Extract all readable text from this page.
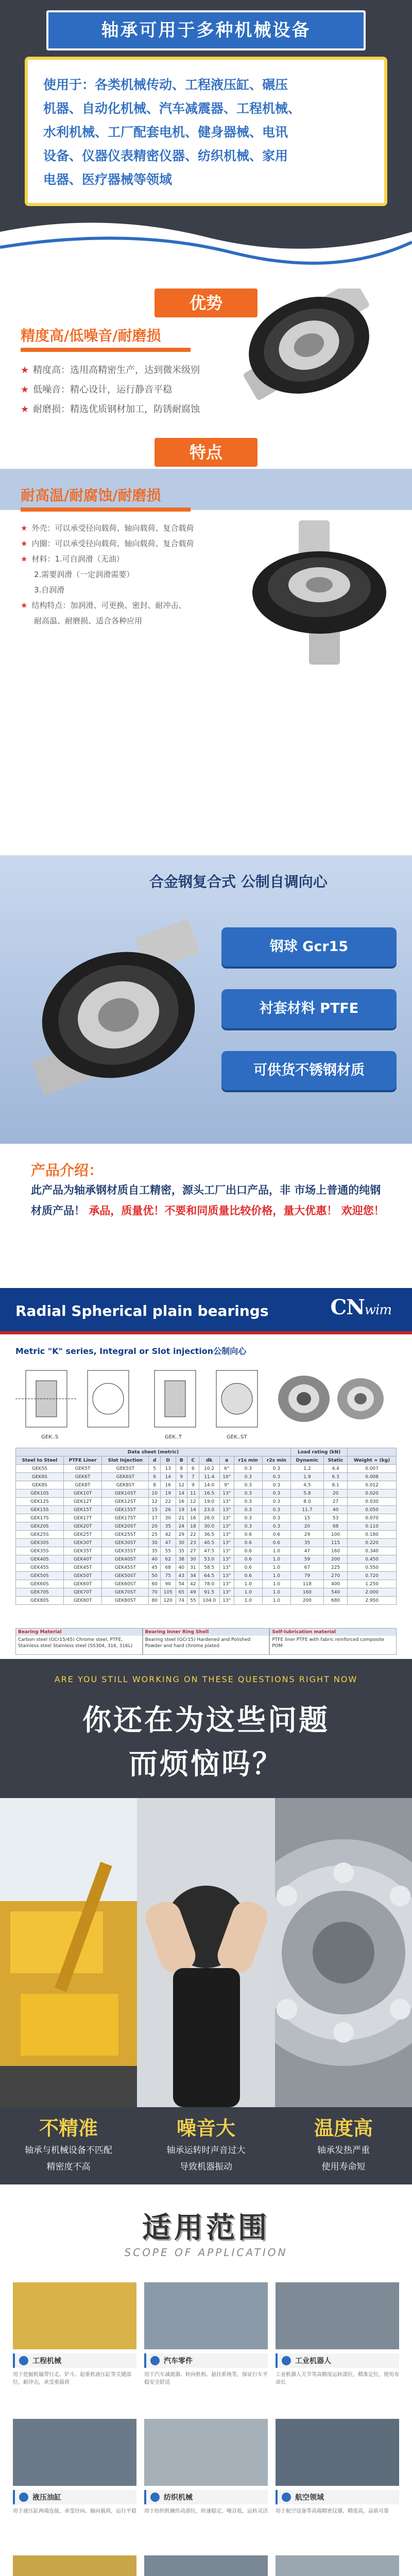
轴承可用于多种机械设备

使用于：各类机械传动、工程液压缸、碾压

机器、自动化机械、汽车减震器、工程机械、

水利机械、工厂配套电机、健身器械、电讯

设备、仪器仪表精密仪器、纺织机械、家用

电器、医疗器械等领域

优势
精度高/低噪音/耐磨损
★ 精度高：选用高精密生产，达到微米级别
★ 低噪音：精心设计，运行静音平稳
★ 耐磨损：精选优质钢材加工，防锈耐腐蚀
特点
耐高温/耐腐蚀/耐磨损
★ 外壳：可以承受径向载荷、轴向载荷、复合载荷
★ 内圈：可以承受径向载荷、轴向载荷、复合载荷
★ 材料：1.可自润滑（无油）
2.需要润滑（一定润滑需要）
3.自润滑
★ 结构特点：加润滑、可更换、密封、耐冲击、
耐高温、耐磨损、适合各种应用
合金钢复合式 公制自调向心
钢球 Gcr15
衬套材料 PTFE
可供货不锈钢材质
产品介绍：
此产品为轴承钢材质自工精密，源头工厂出口产品，非 市场上普通的纯钢材质产品！ 承品，质量优！不要和同质量比较价格，量大优惠！ 欢迎您！
Radial Spherical plain bearings	CNwim
Metric "K" series, Integral or Slot injection公制向心
GEK..S	GEK..T	GEK..ST
Data sheet (metric)											Load rating (kN)		
Steel to Steel	PTFE Liner	Slot Injection	d	D	B	C	dk	α	r1s min	r2s min	Dynamic	Static	Weight ≈ (kg)
GEK5S	GEK5T	GEK5ST	5	13	8	6	10.2	6°	0.3	0.3	1.2	4.4	0.007
GEK6S	GEK6T	GEK6ST	6	14	9	7	11.4	10°	0.3	0.3	1.9	6.3	0.008
GEK8S	GEK8T	GEK8ST	8	16	12	9	14.0	9°	0.3	0.3	4.5	8.1	0.012
GEK10S	GEK10T	GEK10ST	10	19	14	11	16.5	13°	0.3	0.3	5.8	20	0.020
GEK12S	GEK12T	GEK12ST	12	22	16	12	19.0	13°	0.3	0.3	8.0	27	0.030
GEK15S	GEK15T	GEK15ST	15	26	19	14	23.0	13°	0.3	0.3	11.7	40	0.050
GEK17S	GEK17T	GEK17ST	17	30	21	16	26.0	13°	0.3	0.3	15	53	0.070
GEK20S	GEK20T	GEK20ST	20	35	24	18	30.0	13°	0.3	0.3	20	68	0.110
GEK25S	GEK25T	GEK25ST	25	42	29	22	36.5	13°	0.6	0.6	29	100	0.180
GEK30S	GEK30T	GEK30ST	30	47	30	23	40.5	13°	0.6	0.6	35	115	0.220
GEK35S	GEK35T	GEK35ST	35	55	35	27	47.5	13°	0.6	1.0	47	160	0.340
GEK40S	GEK40T	GEK40ST	40	62	38	30	53.0	13°	0.6	1.0	59	200	0.450
GEK45S	GEK45T	GEK45ST	45	68	40	31	58.5	13°	0.6	1.0	67	225	0.550
GEK50S	GEK50T	GEK50ST	50	75	43	34	64.5	13°	0.6	1.0	79	270	0.720
GEK60S	GEK60T	GEK60ST	60	90	54	42	78.0	13°	1.0	1.0	118	400	1.250
GEK70S	GEK70T	GEK70ST	70	105	65	49	91.5	13°	1.0	1.0	160	540	2.000
GEK80S	GEK80T	GEK80ST	80	120	74	55	104.0	13°	1.0	1.0	200	680	2.950
Bearing Material
Carbon steel (GCr15/45) Chrome steel, PTFE, Stainless steel Stainless steel (SS304, 316, 316L)
Bearing Inner Ring Shell
Bearing steel (GCr15) Hardened and Polished Powder and hard chrome plated
Self-lubrication material
PTFE liner PTFE with fabric reinforced composite POM
ARE YOU STILL WORKING ON THESE QUESTIONS RIGHT NOW
你还在为这些问题
而烦恼吗？
不精准
轴承与机械设备不匹配
精密度不高
噪音大
轴承运转时声音过大
导致机器振动
温度高
轴承发热严重
使用寿命短
适用范围
SCOPE OF APPLICATION
工程机械
用于挖掘机履带行走、铲斗、起重机液压缸等关键部位，耐冲击，承受重载荷
汽车零件
用于汽车减震器、转向机构、悬挂系统等，保证行车平稳安全舒适
工业机器人
工业机器人关节等高精度运转部位，精准定位，使用寿命长
液压油缸
用于液压缸两端连接，承受径向、轴向载荷，运行平稳
纺织机械
用于纺织机械传动部位，转速稳定，噪音低，运转灵活
航空领域
用于航空设备等高端精密仪器，精度高，品质可靠
